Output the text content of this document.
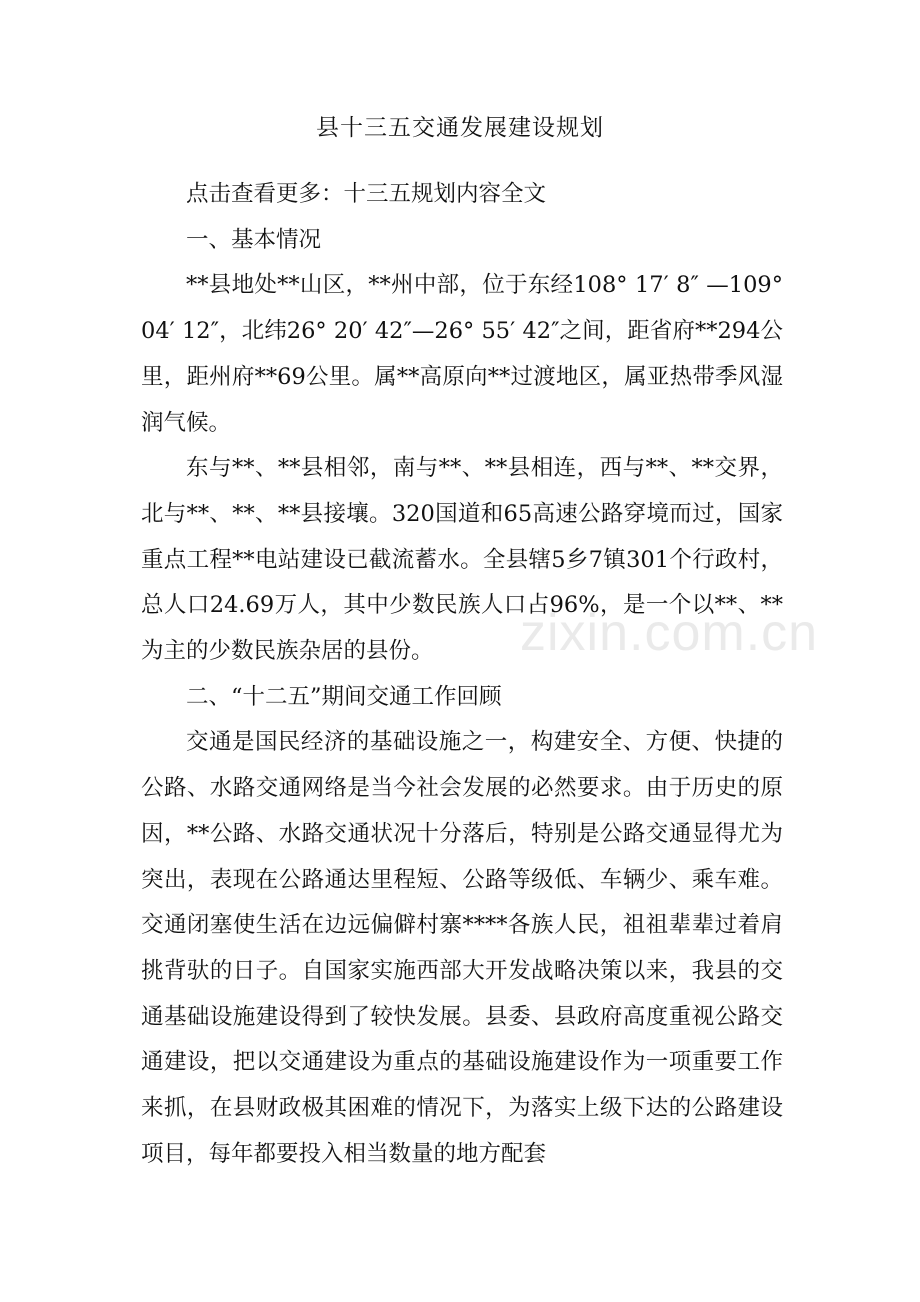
县十三五交通发展建设规划

点击查看更多：十三五规划内容全文

一、基本情况

**县地处**山区，**州中部，位于东经108° 17′ 8″ —109° 04′ 12″，北纬26° 20′ 42″—26° 55′ 42″之间，距省府**294公里，距州府**69公里。属**高原向**过渡地区，属亚热带季风湿润气候。

东与**、**县相邻，南与**、**县相连，西与**、**交界，北与**、**、**县接壤。320国道和65高速公路穿境而过，国家重点工程**电站建设已截流蓄水。全县辖5乡7镇301个行政村，总人口24.69万人，其中少数民族人口占96%，是一个以**、**为主的少数民族杂居的县份。

二、“十二五”期间交通工作回顾

交通是国民经济的基础设施之一，构建安全、方便、快捷的公路、水路交通网络是当今社会发展的必然要求。由于历史的原因，**公路、水路交通状况十分落后，特别是公路交通显得尤为突出，表现在公路通达里程短、公路等级低、车辆少、乘车难。交通闭塞使生活在边远偏僻村寨****各族人民，祖祖辈辈过着肩挑背驮的日子。自国家实施西部大开发战略决策以来，我县的交通基础设施建设得到了较快发展。县委、县政府高度重视公路交通建设，把以交通建设为重点的基础设施建设作为一项重要工作来抓，在县财政极其困难的情况下，为落实上级下达的公路建设项目，每年都要投入相当数量的地方配套

zixin.com.cn
